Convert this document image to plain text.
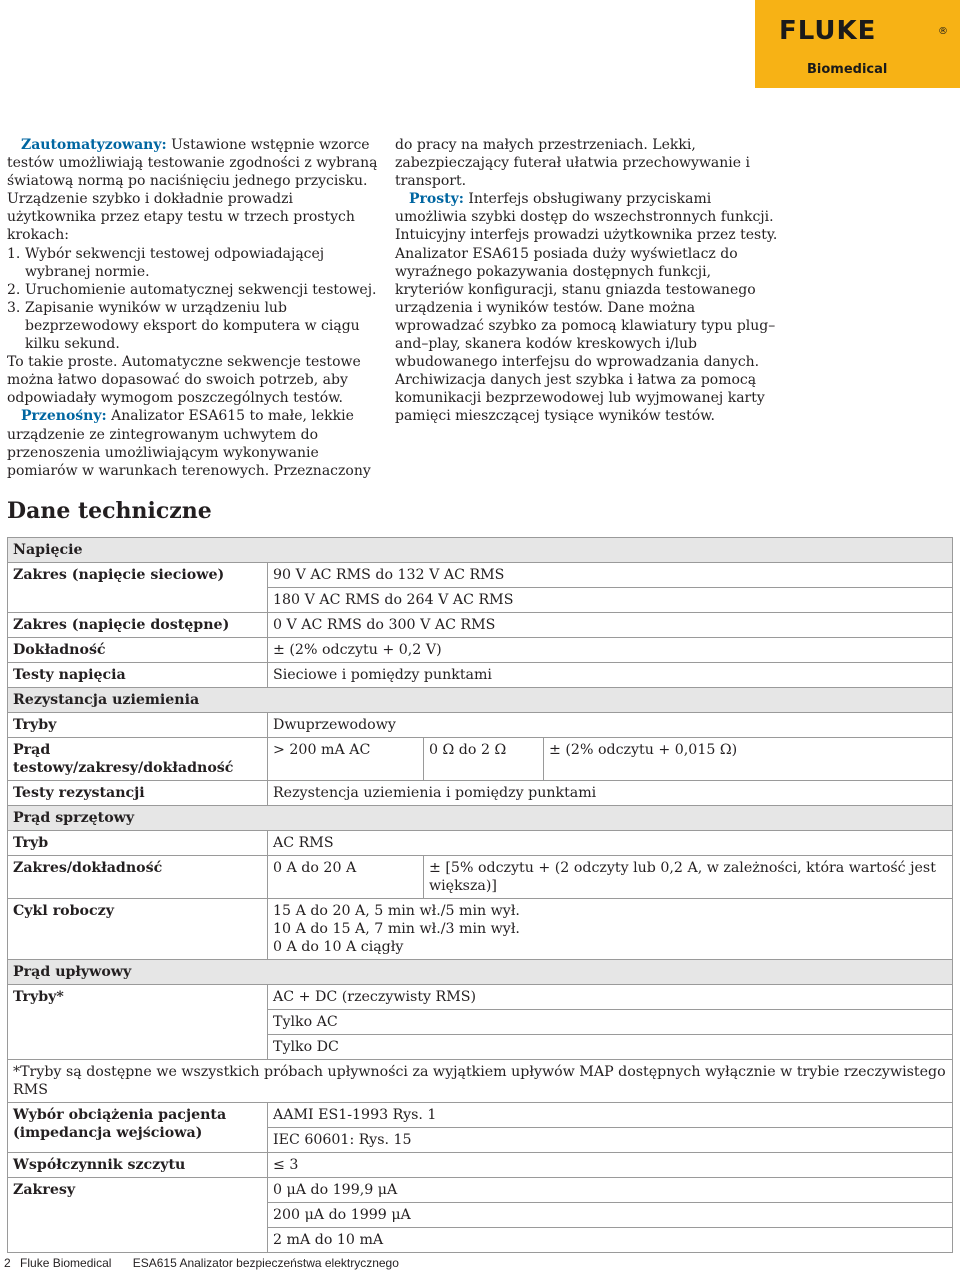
FLUKE	®
Biomedical

Zautomatyzowany: Ustawione wstępnie wzorce testów umożliwiają testowanie zgodności z wybraną światową normą po naciśnięciu jednego przycisku. Urządzenie szybko i dokładnie prowadzi użytkownika przez etapy testu w trzech prostych krokach:

1. Wybór sekwencji testowej odpowiadającej wybranej normie.
2. Uruchomienie automatycznej sekwencji testowej.
3. Zapisanie wyników w urządzeniu lub bezprzewodowy eksport do komputera w ciągu kilku sekund.

To takie proste. Automatyczne sekwencje testowe można łatwo dopasować do swoich potrzeb, aby odpowiadały wymogom poszczególnych testów.

Przenośny: Analizator ESA615 to małe, lekkie urządzenie ze zintegrowanym uchwytem do przenoszenia umożliwiającym wykonywanie pomiarów w warunkach terenowych. Przeznaczony

do pracy na małych przestrzeniach. Lekki, zabezpieczający futerał ułatwia przechowywanie i transport.

Prosty: Interfejs obsługiwany przyciskami umożliwia szybki dostęp do wszechstronnych funkcji. Intuicyjny interfejs prowadzi użytkownika przez testy. Analizator ESA615 posiada duży wyświetlacz do wyraźnego pokazywania dostępnych funkcji, kryteriów konfiguracji, stanu gniazda testowanego urządzenia i wyników testów. Dane można wprowadzać szybko za pomocą klawiatury typu plug–and–play, skanera kodów kreskowych i/lub wbudowanego interfejsu do wprowadzania danych. Archiwizacja danych jest szybka i łatwa za pomocą komunikacji bezprzewodowej lub wyjmowanej karty pamięci mieszczącej tysiące wyników testów.

Dane techniczne
Napięcie			
Zakres (napięcie sieciowe)	90 V AC RMS do 132 V AC RMS		
	180 V AC RMS do 264 V AC RMS		
Zakres (napięcie dostępne)	0 V AC RMS do 300 V AC RMS		
Dokładność	± (2% odczytu + 0,2 V)		
Testy napięcia	Sieciowe i pomiędzy punktami		
Rezystancja uziemienia			
Tryby	Dwuprzewodowy		
Prąd testowy/zakresy/dokładność	> 200 mA AC	0 Ω do 2 Ω	± (2% odczytu + 0,015 Ω)
Testy rezystancji	Rezystencja uziemienia i pomiędzy punktami		
Prąd sprzętowy			
Tryb	AC RMS		
Zakres/dokładność	0 A do 20 A	± [5% odczytu + (2 odczyty lub 0,2 A, w zależności, która wartość jest większa)]	
Cykl roboczy	15 A do 20 A, 5 min wł./5 min wył.
10 A do 15 A, 7 min wł./3 min wył.
0 A do 10 A ciągły		

Prąd upływowy			
Tryby*	AC + DC (rzeczywisty RMS)		
	Tylko AC		
	Tylko DC		
*Tryby są dostępne we wszystkich próbach upływności za wyjątkiem upływów MAP dostępnych wyłącznie w trybie rzeczywistego RMS			
Wybór obciążenia pacjenta (impedancja wejściowa)	AAMI ES1-1993 Rys. 1		
	IEC 60601: Rys. 15		
Współczynnik szczytu	≤ 3		
Zakresy	0 μA do 199,9 μA		
	200 μA do 1999 μA		
	2 mA do 10 mA		
2 Fluke Biomedical ESA615 Analizator bezpieczeństwa elektrycznego
